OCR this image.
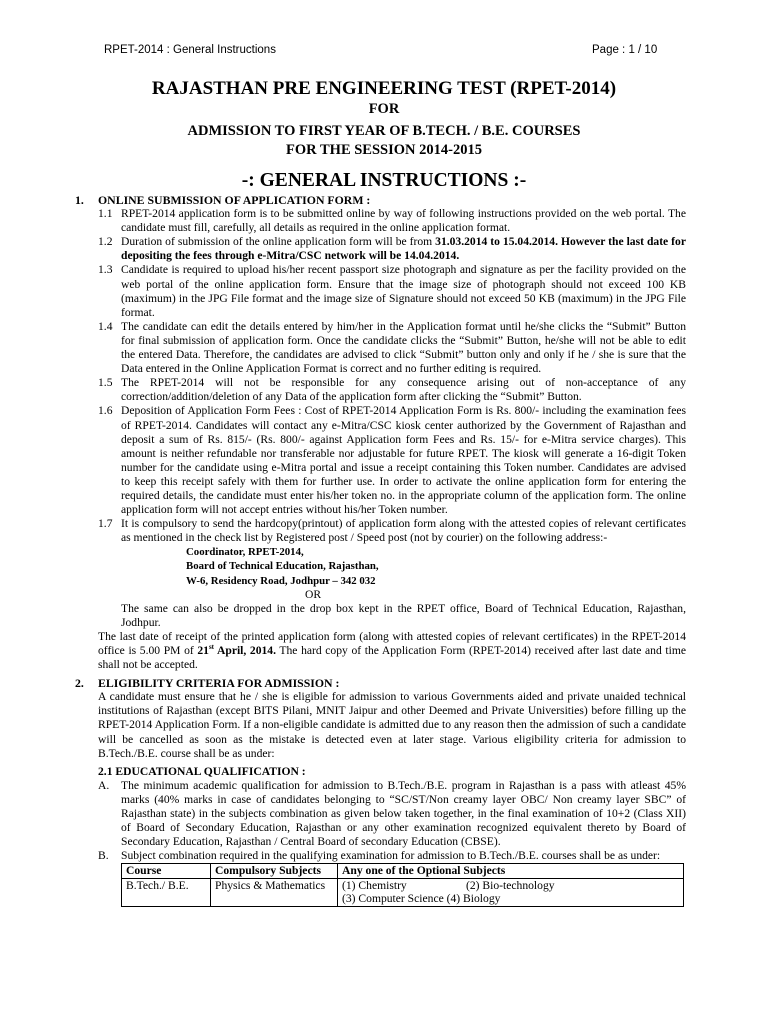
RPET-2014 : General Instructions	Page : 1 / 10
RAJASTHAN PRE ENGINEERING TEST (RPET-2014)
FOR
ADMISSION TO FIRST YEAR OF B.TECH. / B.E. COURSES
FOR THE SESSION 2014-2015
-: GENERAL INSTRUCTIONS :-

1. ONLINE SUBMISSION OF APPLICATION FORM :

1.1 RPET-2014 application form is to be submitted online by way of following instructions provided on the web portal. The candidate must fill, carefully, all details as required in the online application format.

1.2 Duration of submission of the online application form will be from 31.03.2014 to 15.04.2014. However the last date for depositing the fees through e-Mitra/CSC network will be 14.04.2014.

1.3 Candidate is required to upload his/her recent passport size photograph and signature as per the facility provided on the web portal of the online application form. Ensure that the image size of photograph should not exceed 100 KB (maximum) in the JPG File format and the image size of Signature should not exceed 50 KB (maximum) in the JPG File format.

1.4 The candidate can edit the details entered by him/her in the Application format until he/she clicks the “Submit” Button for final submission of application form. Once the candidate clicks the “Submit” Button, he/she will not be able to edit the entered Data. Therefore, the candidates are advised to click “Submit” button only and only if he / she is sure that the Data entered in the Online Application Format is correct and no further editing is required.

1.5 The RPET-2014 will not be responsible for any consequence arising out of non-acceptance of any correction/addition/deletion of any Data of the application form after clicking the “Submit” Button.

1.6 Deposition of Application Form Fees : Cost of RPET-2014 Application Form is Rs. 800/- including the examination fees of RPET-2014. Candidates will contact any e-Mitra/CSC kiosk center authorized by the Government of Rajasthan and deposit a sum of Rs. 815/- (Rs. 800/- against Application form Fees and Rs. 15/- for e-Mitra service charges). This amount is neither refundable nor transferable nor adjustable for future RPET. The kiosk will generate a 16-digit Token number for the candidate using e-Mitra portal and issue a receipt containing this Token number. Candidates are advised to keep this receipt safely with them for further use. In order to activate the online application form for entering the required details, the candidate must enter his/her token no. in the appropriate column of the application form. The online application form will not accept entries without his/her Token number.

1.7 It is compulsory to send the hardcopy(printout) of application form along with the attested copies of relevant certificates as mentioned in the check list by Registered post / Speed post (not by courier) on the following address:-

Coordinator, RPET-2014,

Board of Technical Education, Rajasthan,

W-6, Residency Road, Jodhpur – 342 032

OR

The same can also be dropped in the drop box kept in the RPET office, Board of Technical Education, Rajasthan, Jodhpur.

The last date of receipt of the printed application form (along with attested copies of relevant certificates) in the RPET-2014 office is 5.00 PM of 21st April, 2014. The hard copy of the Application Form (RPET-2014) received after last date and time shall not be accepted.

2. ELIGIBILITY CRITERIA FOR ADMISSION :

A candidate must ensure that he / she is eligible for admission to various Governments aided and private unaided technical institutions of Rajasthan (except BITS Pilani, MNIT Jaipur and other Deemed and Private Universities) before filling up the RPET-2014 Application Form. If a non-eligible candidate is admitted due to any reason then the admission of such a candidate will be cancelled as soon as the mistake is detected even at later stage. Various eligibility criteria for admission to B.Tech./B.E. course shall be as under:

2.1 EDUCATIONAL QUALIFICATION :

A. The minimum academic qualification for admission to B.Tech./B.E. program in Rajasthan is a pass with atleast 45% marks (40% marks in case of candidates belonging to “SC/ST/Non creamy layer OBC/ Non creamy layer SBC” of Rajasthan state) in the subjects combination as given below taken together, in the final examination of 10+2 (Class XII) of Board of Secondary Education, Rajasthan or any other examination recognized equivalent thereto by Board of Secondary Education, Rajasthan / Central Board of secondary Education (CBSE).

B. Subject combination required in the qualifying examination for admission to B.Tech./B.E. courses shall be as under:

Course	Compulsory Subjects	Any one of the Optional Subjects
B.Tech./ B.E.	Physics & Mathematics	(1) Chemistry (2) Bio-technology
(3) Computer Science (4) Biology
